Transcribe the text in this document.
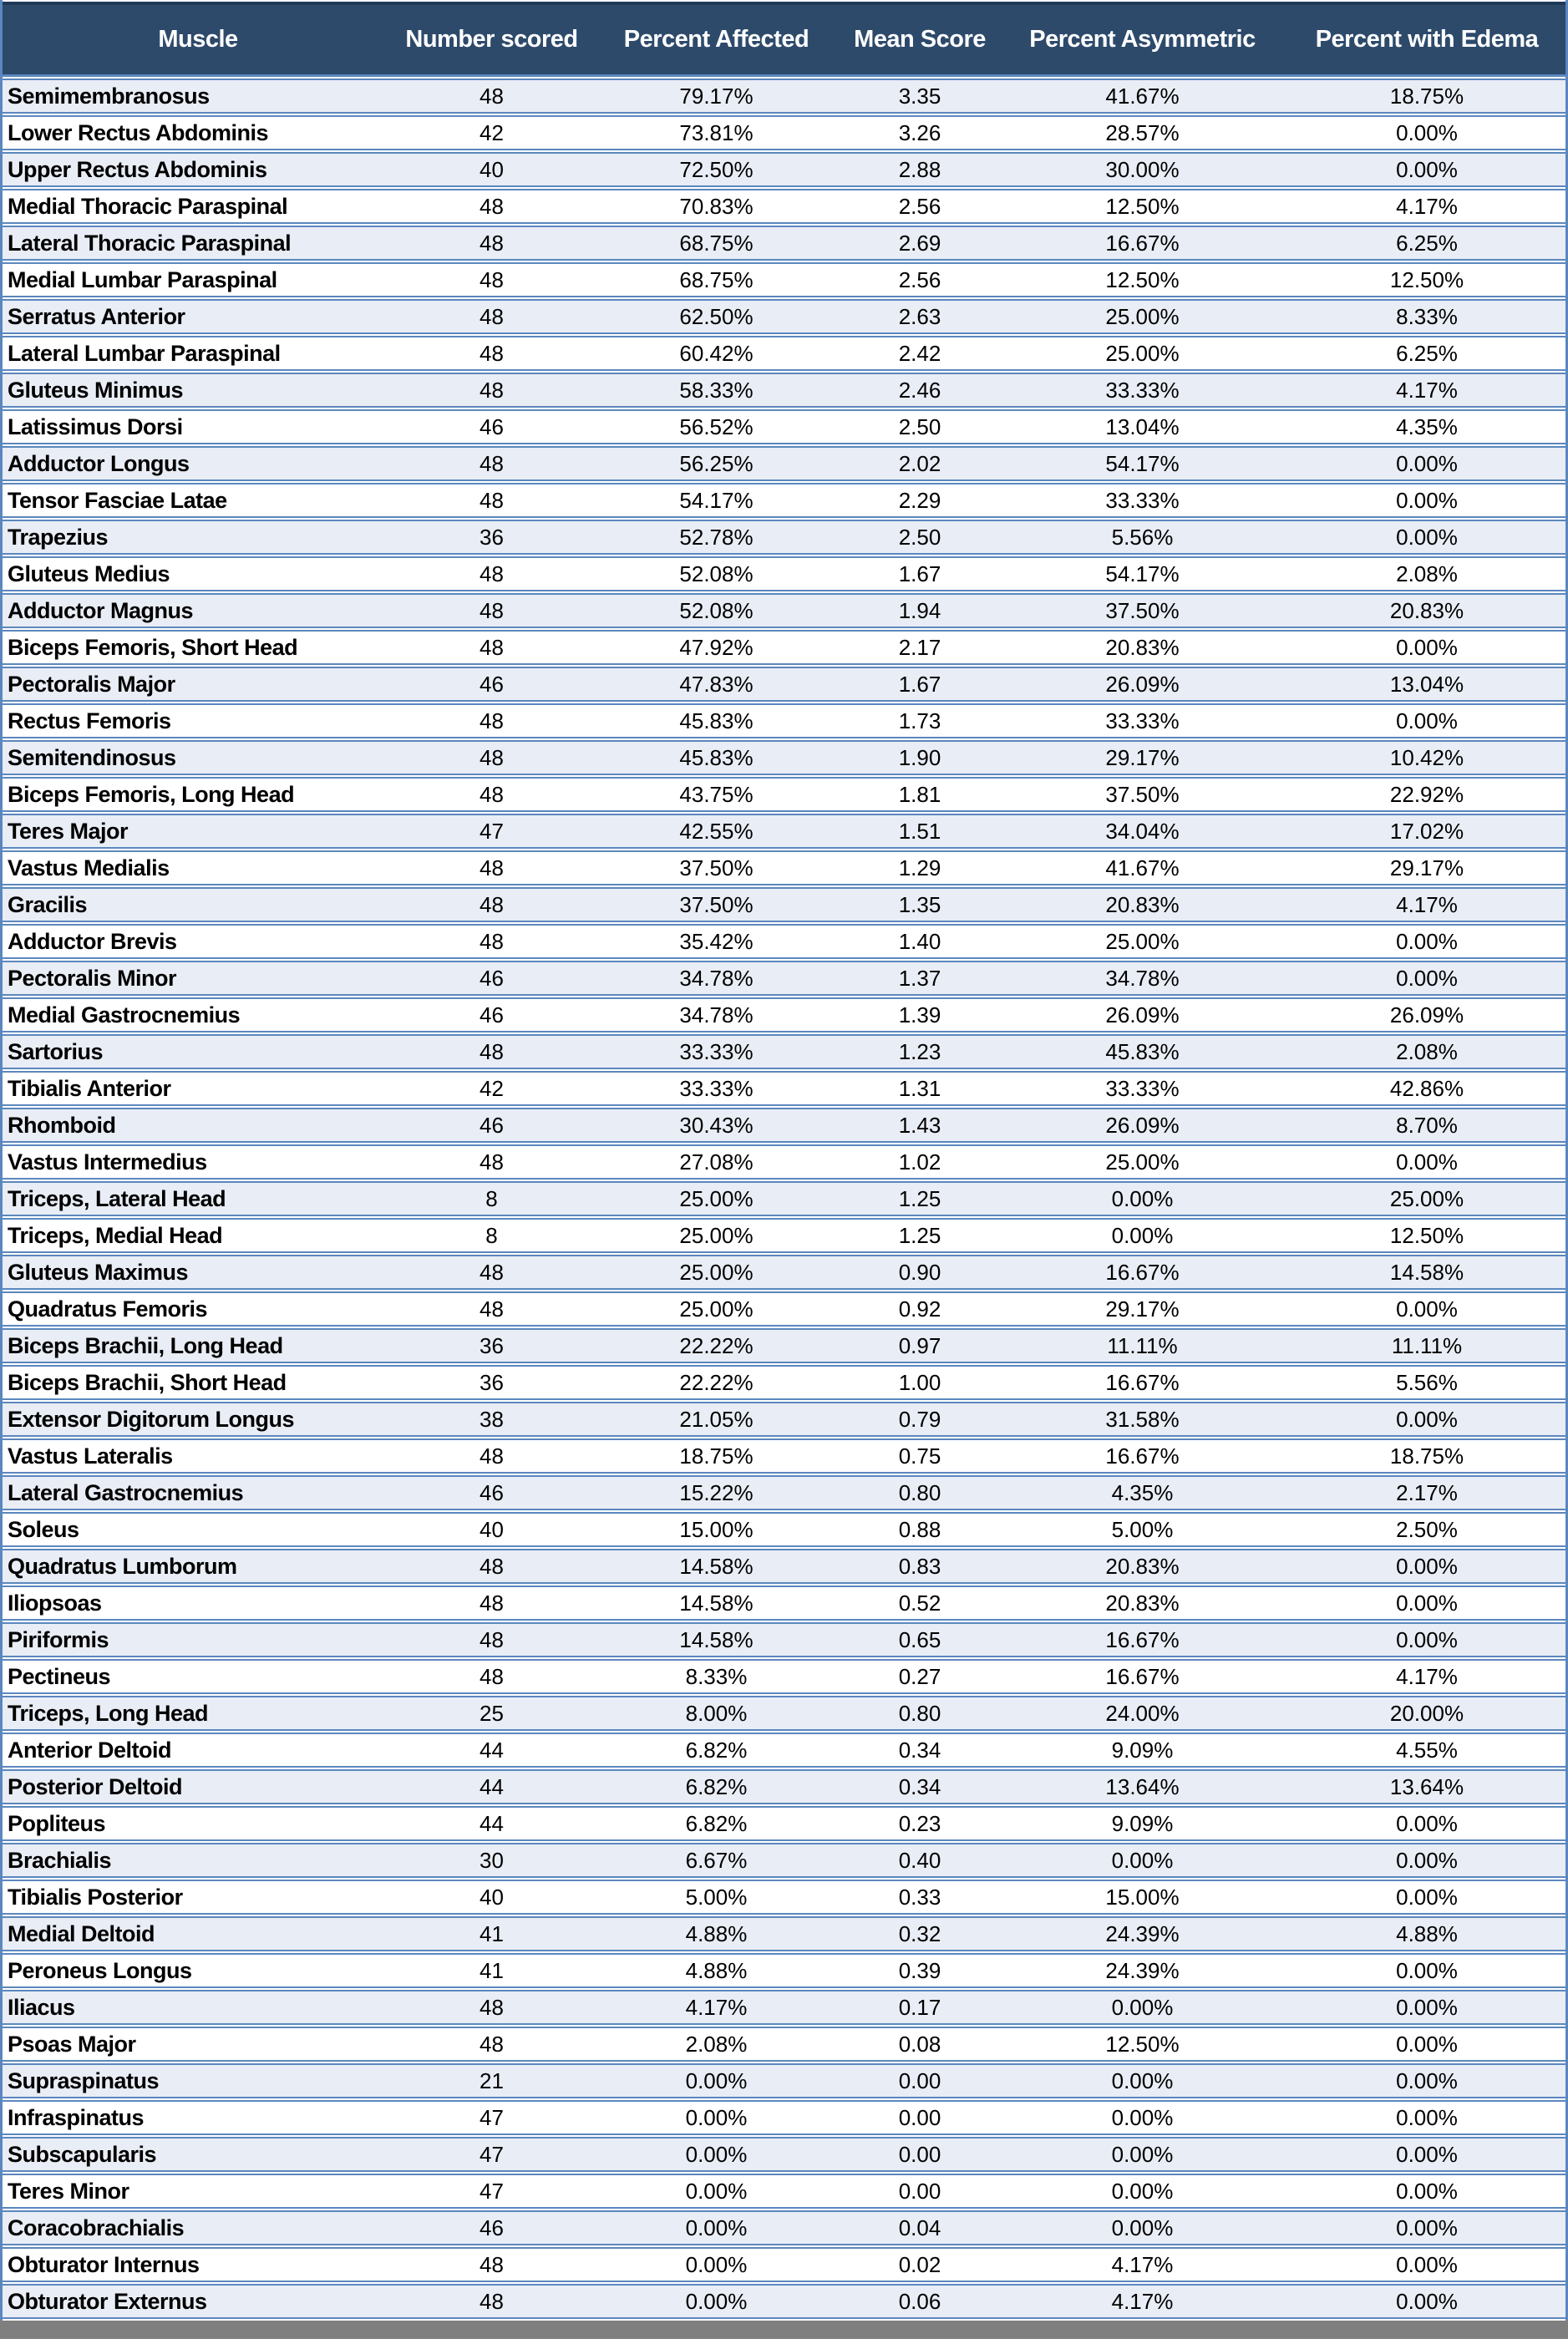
Muscle	Number scored	Percent Affected	Mean Score	Percent Asymmetric	Percent with Edema
Semimembranosus	48	79.17%	3.35	41.67%	18.75%
Lower Rectus Abdominis	42	73.81%	3.26	28.57%	0.00%
Upper Rectus Abdominis	40	72.50%	2.88	30.00%	0.00%
Medial Thoracic Paraspinal	48	70.83%	2.56	12.50%	4.17%
Lateral Thoracic Paraspinal	48	68.75%	2.69	16.67%	6.25%
Medial Lumbar Paraspinal	48	68.75%	2.56	12.50%	12.50%
Serratus Anterior	48	62.50%	2.63	25.00%	8.33%
Lateral Lumbar Paraspinal	48	60.42%	2.42	25.00%	6.25%
Gluteus Minimus	48	58.33%	2.46	33.33%	4.17%
Latissimus Dorsi	46	56.52%	2.50	13.04%	4.35%
Adductor Longus	48	56.25%	2.02	54.17%	0.00%
Tensor Fasciae Latae	48	54.17%	2.29	33.33%	0.00%
Trapezius	36	52.78%	2.50	5.56%	0.00%
Gluteus Medius	48	52.08%	1.67	54.17%	2.08%
Adductor Magnus	48	52.08%	1.94	37.50%	20.83%
Biceps Femoris, Short Head	48	47.92%	2.17	20.83%	0.00%
Pectoralis Major	46	47.83%	1.67	26.09%	13.04%
Rectus Femoris	48	45.83%	1.73	33.33%	0.00%
Semitendinosus	48	45.83%	1.90	29.17%	10.42%
Biceps Femoris, Long Head	48	43.75%	1.81	37.50%	22.92%
Teres Major	47	42.55%	1.51	34.04%	17.02%
Vastus Medialis	48	37.50%	1.29	41.67%	29.17%
Gracilis	48	37.50%	1.35	20.83%	4.17%
Adductor Brevis	48	35.42%	1.40	25.00%	0.00%
Pectoralis Minor	46	34.78%	1.37	34.78%	0.00%
Medial Gastrocnemius	46	34.78%	1.39	26.09%	26.09%
Sartorius	48	33.33%	1.23	45.83%	2.08%
Tibialis Anterior	42	33.33%	1.31	33.33%	42.86%
Rhomboid	46	30.43%	1.43	26.09%	8.70%
Vastus Intermedius	48	27.08%	1.02	25.00%	0.00%
Triceps, Lateral Head	8	25.00%	1.25	0.00%	25.00%
Triceps, Medial Head	8	25.00%	1.25	0.00%	12.50%
Gluteus Maximus	48	25.00%	0.90	16.67%	14.58%
Quadratus Femoris	48	25.00%	0.92	29.17%	0.00%
Biceps Brachii, Long Head	36	22.22%	0.97	11.11%	11.11%
Biceps Brachii, Short Head	36	22.22%	1.00	16.67%	5.56%
Extensor Digitorum Longus	38	21.05%	0.79	31.58%	0.00%
Vastus Lateralis	48	18.75%	0.75	16.67%	18.75%
Lateral Gastrocnemius	46	15.22%	0.80	4.35%	2.17%
Soleus	40	15.00%	0.88	5.00%	2.50%
Quadratus Lumborum	48	14.58%	0.83	20.83%	0.00%
Iliopsoas	48	14.58%	0.52	20.83%	0.00%
Piriformis	48	14.58%	0.65	16.67%	0.00%
Pectineus	48	8.33%	0.27	16.67%	4.17%
Triceps, Long Head	25	8.00%	0.80	24.00%	20.00%
Anterior Deltoid	44	6.82%	0.34	9.09%	4.55%
Posterior Deltoid	44	6.82%	0.34	13.64%	13.64%
Popliteus	44	6.82%	0.23	9.09%	0.00%
Brachialis	30	6.67%	0.40	0.00%	0.00%
Tibialis Posterior	40	5.00%	0.33	15.00%	0.00%
Medial Deltoid	41	4.88%	0.32	24.39%	4.88%
Peroneus Longus	41	4.88%	0.39	24.39%	0.00%
Iliacus	48	4.17%	0.17	0.00%	0.00%
Psoas Major	48	2.08%	0.08	12.50%	0.00%
Supraspinatus	21	0.00%	0.00	0.00%	0.00%
Infraspinatus	47	0.00%	0.00	0.00%	0.00%
Subscapularis	47	0.00%	0.00	0.00%	0.00%
Teres Minor	47	0.00%	0.00	0.00%	0.00%
Coracobrachialis	46	0.00%	0.04	0.00%	0.00%
Obturator Internus	48	0.00%	0.02	4.17%	0.00%
Obturator Externus	48	0.00%	0.06	4.17%	0.00%
